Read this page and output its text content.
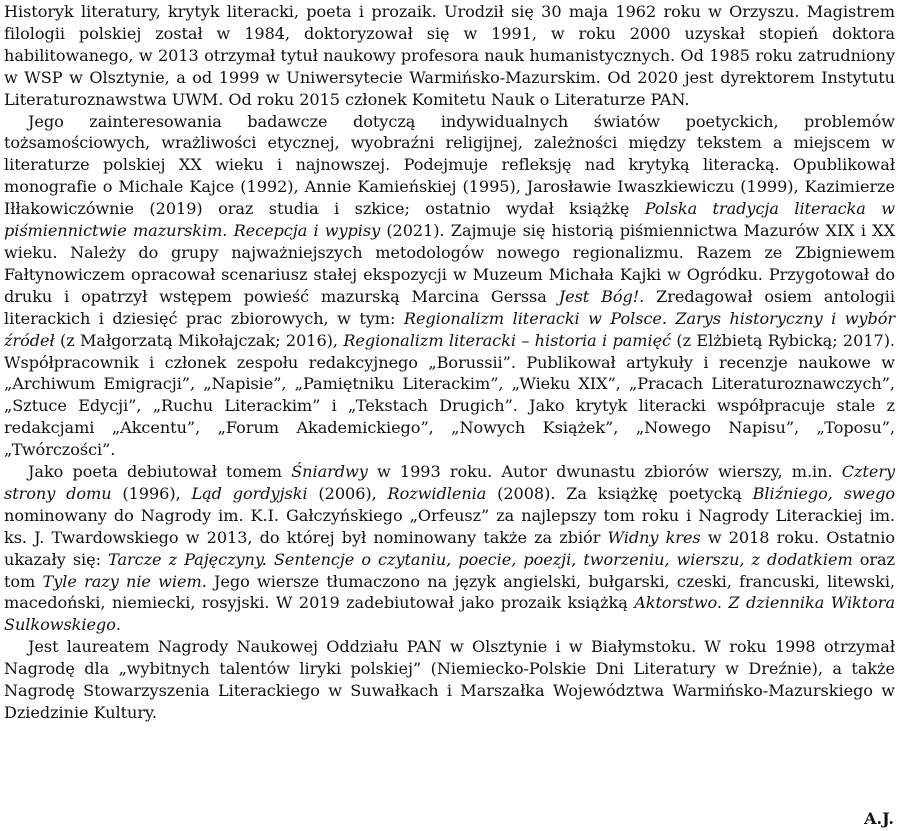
Historyk literatury, krytyk literacki, poeta i prozaik. Urodził się 30 maja 1962 roku w Orzyszu. Magistrem filologii polskiej został w 1984, doktoryzował się w 1991, w roku 2000 uzyskał stopień doktora habilitowanego, w 2013 otrzymał tytuł naukowy profesora nauk humanistycznych. Od 1985 roku zatrudniony w WSP w Olsztynie, a od 1999 w Uniwersytecie Warmińsko-Mazurskim. Od 2020 jest dyrektorem Instytutu Literaturoznawstwa UWM. Od roku 2015 członek Komitetu Nauk o Literaturze PAN.

Jego zainteresowania badawcze dotyczą indywidualnych światów poetyckich, problemów tożsamościowych, wrażliwości etycznej, wyobraźni religijnej, zależności między tekstem a miejscem w literaturze polskiej XX wieku i najnowszej. Podejmuje refleksję nad krytyką literacką. Opublikował monografie o Michale Kajce (1992), Annie Kamieńskiej (1995), Jarosławie Iwaszkiewiczu (1999), Kazimierze Iłłakowiczównie (2019) oraz studia i szkice; ostatnio wydał książkę Polska tradycja literacka w piśmiennictwie mazurskim. Recepcja i wypisy (2021). Zajmuje się historią piśmiennictwa Mazurów XIX i XX wieku. Należy do grupy najważniejszych metodologów nowego regionalizmu. Razem ze Zbigniewem Fałtynowiczem opracował scenariusz stałej ekspozycji w Muzeum Michała Kajki w Ogródku. Przygotował do druku i opatrzył wstępem powieść mazurską Marcina Gerssa Jest Bóg!. Zredagował osiem antologii literackich i dziesięć prac zbiorowych, w tym: Regionalizm literacki w Polsce. Zarys historyczny i wybór źródeł (z Małgorzatą Mikołajczak; 2016), Regionalizm literacki – historia i pamięć (z Elżbietą Rybicką; 2017). Współpracownik i członek zespołu redakcyjnego „Borussii”. Publikował artykuły i recenzje naukowe w „Archiwum Emigracji”, „Napisie”, „Pamiętniku Literackim”, „Wieku XIX”, „Pracach Literaturoznawczych”, „Sztuce Edycji”, „Ruchu Literackim” i „Tekstach Drugich”. Jako krytyk literacki współpracuje stale z redakcjami „Akcentu”, „Forum Akademickiego”, „Nowych Książek”, „Nowego Napisu”, „Toposu”, „Twórczości”.

Jako poeta debiutował tomem Śniardwy w 1993 roku. Autor dwunastu zbiorów wierszy, m.in. Cztery strony domu (1996), Ląd gordyjski (2006), Rozwidlenia (2008). Za książkę poetycką Bliźniego, swego nominowany do Nagrody im. K.I. Gałczyńskiego „Orfeusz” za najlepszy tom roku i Nagrody Literackiej im. ks. J. Twardowskiego w 2013, do której był nominowany także za zbiór Widny kres w 2018 roku. Ostatnio ukazały się: Tarcze z Pajęczyny. Sentencje o czytaniu, poecie, poezji, tworzeniu, wierszu, z dodatkiem oraz tom Tyle razy nie wiem. Jego wiersze tłumaczono na język angielski, bułgarski, czeski, francuski, litewski, macedoński, niemiecki, rosyjski. W 2019 zadebiutował jako prozaik książką Aktorstwo. Z dziennika Wiktora Sulkowskiego.

Jest laureatem Nagrody Naukowej Oddziału PAN w Olsztynie i w Białymstoku. W roku 1998 otrzymał Nagrodę dla „wybitnych talentów liryki polskiej” (Niemiecko-Polskie Dni Literatury w Dreźnie), a także Nagrodę Stowarzyszenia Literackiego w Suwałkach i Marszałka Województwa Warmińsko-Mazurskiego w Dziedzinie Kultury.

A.J.
